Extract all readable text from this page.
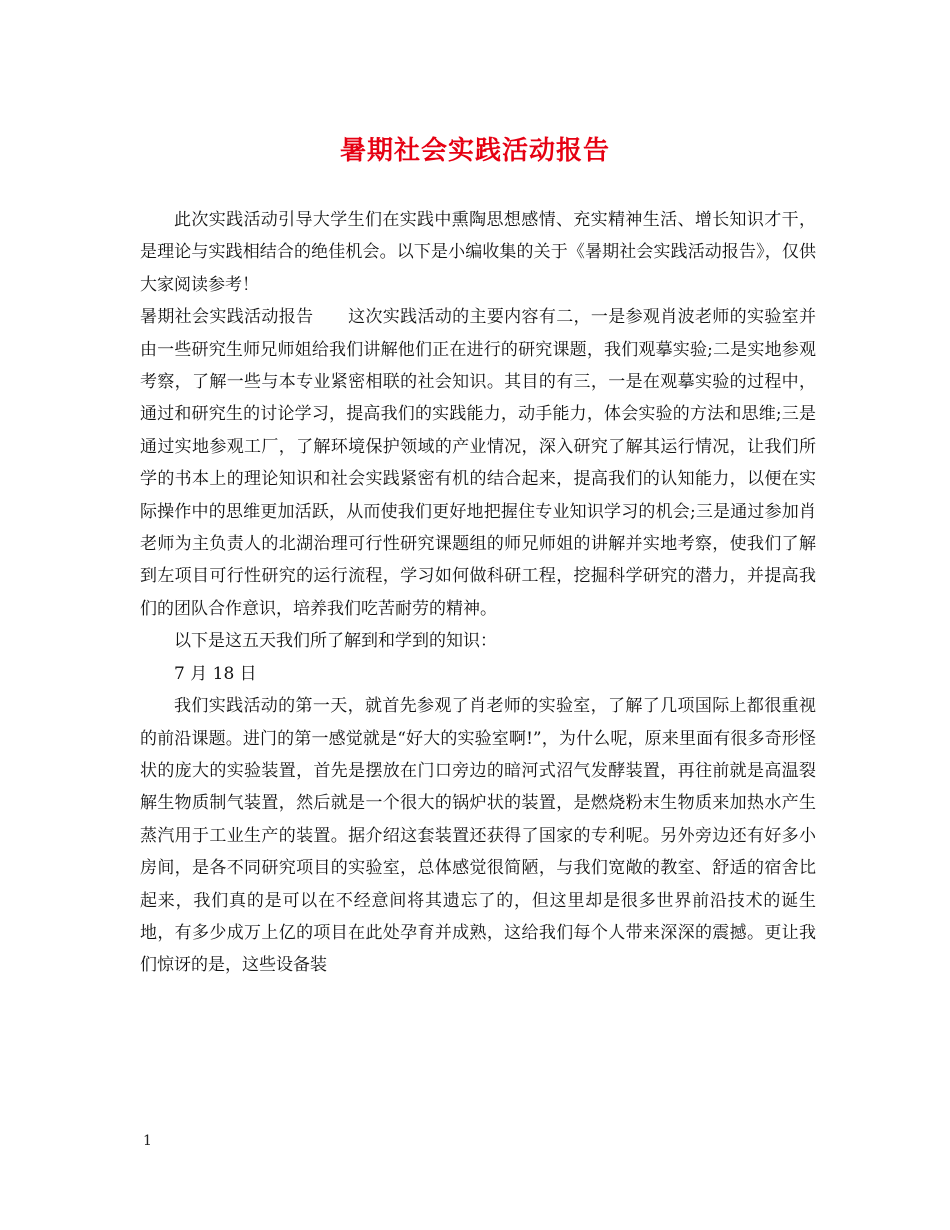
暑期社会实践活动报告

此次实践活动引导大学生们在实践中熏陶思想感情、充实精神生活、增长知识才干，是理论与实践相结合的绝佳机会。以下是小编收集的关于《暑期社会实践活动报告》，仅供大家阅读参考！

暑期社会实践活动报告　　这次实践活动的主要内容有二，一是参观肖波老师的实验室并由一些研究生师兄师姐给我们讲解他们正在进行的研究课题，我们观摹实验;二是实地参观考察，了解一些与本专业紧密相联的社会知识。其目的有三，一是在观摹实验的过程中，通过和研究生的讨论学习，提高我们的实践能力，动手能力，体会实验的方法和思维;三是通过实地参观工厂，了解环境保护领域的产业情况，深入研究了解其运行情况，让我们所学的书本上的理论知识和社会实践紧密有机的结合起来，提高我们的认知能力，以便在实际操作中的思维更加活跃，从而使我们更好地把握住专业知识学习的机会;三是通过参加肖老师为主负责人的北湖治理可行性研究课题组的师兄师姐的讲解并实地考察，使我们了解到左项目可行性研究的运行流程，学习如何做科研工程，挖掘科学研究的潜力，并提高我们的团队合作意识，培养我们吃苦耐劳的精神。

以下是这五天我们所了解到和学到的知识：

7 月 18 日

我们实践活动的第一天，就首先参观了肖老师的实验室，了解了几项国际上都很重视的前沿课题。进门的第一感觉就是“好大的实验室啊!”，为什么呢，原来里面有很多奇形怪状的庞大的实验装置，首先是摆放在门口旁边的暗河式沼气发酵装置，再往前就是高温裂解生物质制气装置，然后就是一个很大的锅炉状的装置，是燃烧粉末生物质来加热水产生蒸汽用于工业生产的装置。据介绍这套装置还获得了国家的专利呢。另外旁边还有好多小房间，是各不同研究项目的实验室，总体感觉很简陋，与我们宽敞的教室、舒适的宿舍比起来，我们真的是可以在不经意间将其遗忘了的，但这里却是很多世界前沿技术的诞生地，有多少成万上亿的项目在此处孕育并成熟，这给我们每个人带来深深的震撼。更让我们惊讶的是，这些设备装

1
